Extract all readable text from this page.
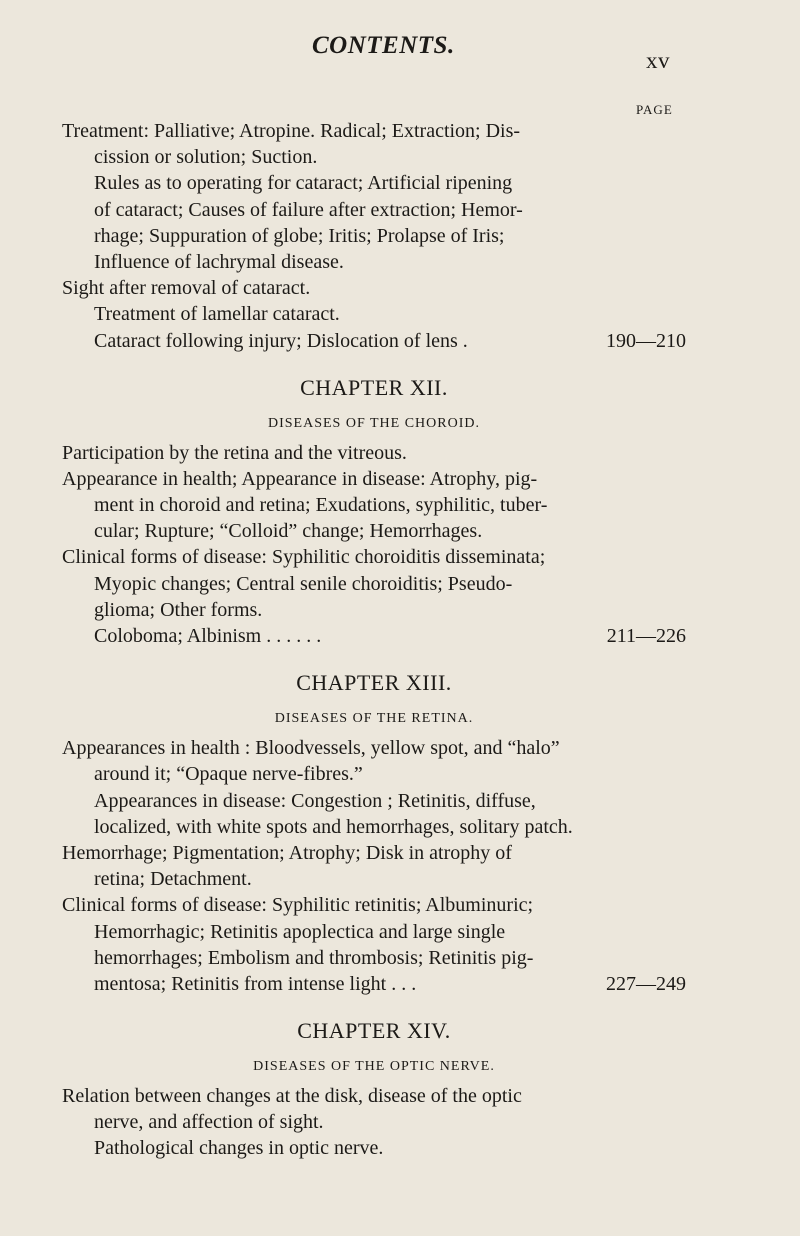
CONTENTS.
xv
PAGE
Treatment: Palliative; Atropine. Radical; Extraction; Dis-
cission or solution; Suction.
Rules as to operating for cataract; Artificial ripening
of cataract; Causes of failure after extraction; Hemor-
rhage; Suppuration of globe; Iritis; Prolapse of Iris;
Influence of lachrymal disease.
Sight after removal of cataract.
Treatment of lamellar cataract.
Cataract following injury; Dislocation of lens .	190—210
CHAPTER XII.
DISEASES OF THE CHOROID.
Participation by the retina and the vitreous.
Appearance in health; Appearance in disease: Atrophy, pig-
ment in choroid and retina; Exudations, syphilitic, tuber-
cular; Rupture; “Colloid” change; Hemorrhages.
Clinical forms of disease: Syphilitic choroiditis disseminata;
Myopic changes; Central senile choroiditis; Pseudo-
glioma; Other forms.
Coloboma; Albinism . . . . . .	211—226
CHAPTER XIII.
DISEASES OF THE RETINA.
Appearances in health : Bloodvessels, yellow spot, and “halo”
around it; “Opaque nerve-fibres.”
Appearances in disease: Congestion ; Retinitis, diffuse,
localized, with white spots and hemorrhages, solitary patch.
Hemorrhage; Pigmentation; Atrophy; Disk in atrophy of
retina; Detachment.
Clinical forms of disease: Syphilitic retinitis; Albuminuric;
Hemorrhagic; Retinitis apoplectica and large single
hemorrhages; Embolism and thrombosis; Retinitis pig-
mentosa; Retinitis from intense light . . .	227—249
CHAPTER XIV.
DISEASES OF THE OPTIC NERVE.
Relation between changes at the disk, disease of the optic
nerve, and affection of sight.
Pathological changes in optic nerve.
